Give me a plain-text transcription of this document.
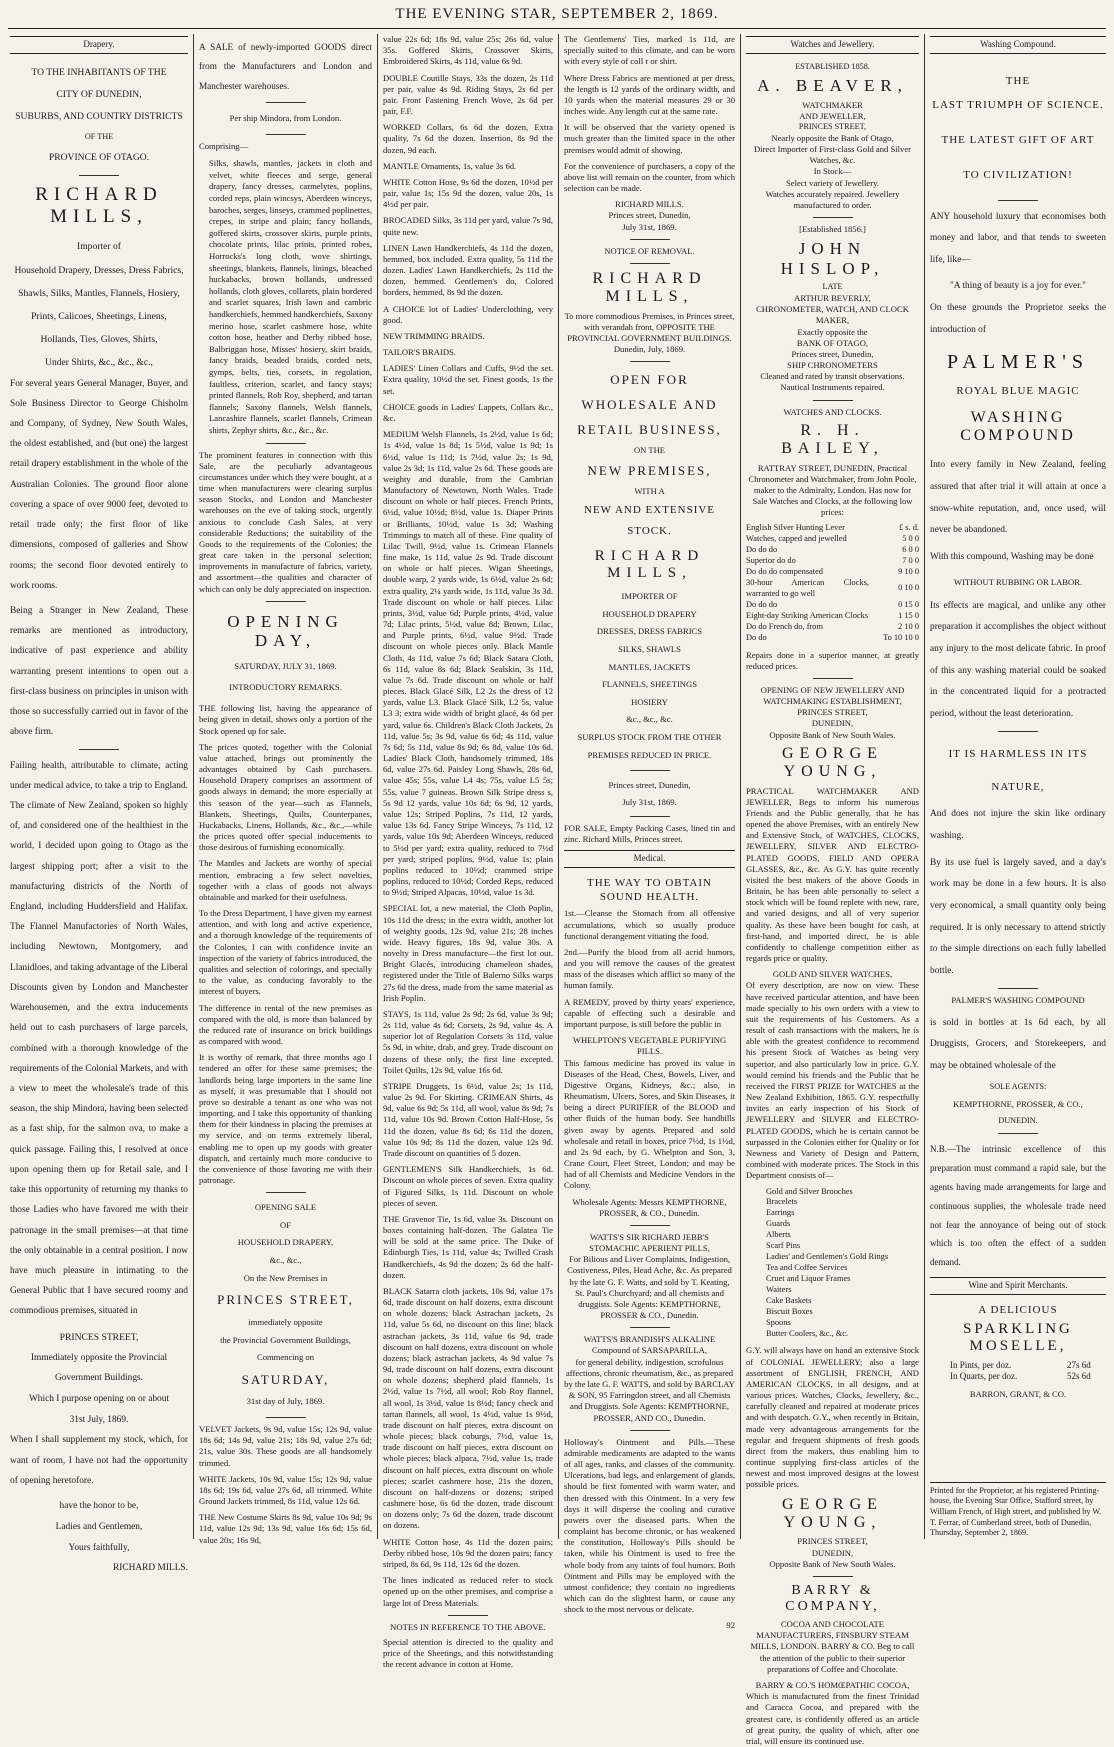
THE EVENING STAR, SEPTEMBER 2, 1869.
Drapery.
TO THE INHABITANTS OF THE
CITY OF DUNEDIN,
SUBURBS, AND COUNTRY DISTRICTS
OF THE
PROVINCE OF OTAGO.
RICHARD MILLS,
Importer of
Household Drapery, Dresses, Dress Fabrics,
Shawls, Silks, Mantles, Flannels, Hosiery,
Prints, Calicoes, Sheetings, Linens,
Hollands, Ties, Gloves, Shirts,
Under Shirts, &c., &c., &c.,

For several years General Manager, Buyer, and Sole Business Director to George Chisholm and Company, of Sydney, New South Wales, the oldest established, and (but one) the largest retail drapery establishment in the whole of the Australian Colonies. The ground floor alone covering a space of over 9000 feet, devoted to retail trade only; the first floor of like dimensions, composed of galleries and Show rooms; the second floor devoted entirely to work rooms.

Being a Stranger in New Zealand, These remarks are mentioned as introductory, indicative of past experience and ability warranting present intentions to open out a first-class business on principles in unison with those so successfully carried out in favor of the above firm.

Failing health, attributable to climate, acting under medical advice, to take a trip to England. The climate of New Zealand, spoken so highly of, and considered one of the healthiest in the world, I decided upon going to Otago as the largest shipping port; after a visit to the manufacturing districts of the North of England, including Huddersfield and Halifax. The Flannel Manufactories of North Wales, including Newtown, Montgomery, and Llanidloes, and taking advantage of the Liberal Discounts given by London and Manchester Warehousemen, and the extra inducements held out to cash purchasers of large parcels, combined with a thorough knowledge of the requirements of the Colonial Markets, and with a view to meet the wholesale's trade of this season, the ship Mindora, having been selected as a fast ship, for the salmon ova, to make a quick passage. Failing this, I resolved at once upon opening them up for Retail sale, and I take this opportunity of returning my thanks to those Ladies who have favored me with their patronage in the small premises—at that time the only obtainable in a central position. I now have much pleasure in intimating to the General Public that I have secured roomy and commodious premises, situated in

PRINCES STREET,
Immediately opposite the Provincial
Government Buildings.
Which I purpose opening on or about
31st July, 1869.

When I shall supplement my stock, which, for want of room, I have not had the opportunity of opening heretofore.

have the honor to be,
Ladies and Gentlemen,
Yours faithfully,
RICHARD MILLS.

A SALE of newly-imported GOODS direct from the Manufacturers and London and Manchester warehouses.

Per ship Mindora, from London.
Comprising—

Silks, shawls, mantles, jackets in cloth and velvet, white fleeces and serge, general drapery, fancy dresses, carmelytes, poplins, corded reps, plain wincsys, Aberdeen winceys, baroches, serges, linseys, crammed poplinettes, crepes, in stripe and plain; fancy hollands, goffered skirts, crossover skirts, purple prints, chocolate prints, lilac prints, printed robes, Horrocks's long cloth, wove shirtings, sheetings, blankets, flannels, linings, bleached huckabacks, brown hollands, undressed hollands, cloth gloves, collarets, plain bordered and scarlet squares, Irish lawn and cambric handkerchiefs, hemmed handkerchiefs, Saxony merino hose, scarlet cashmere hose, white cotton hose, heather and Derby ribbed hose, Balbriggan hose, Misses' hosiery, skirt braids, fancy braids, beaded braids, corded nets, gymps, belts, ties, corsets, in regulation, faultless, criterion, scarlet, and fancy stays; printed flannels, Rob Roy, shepherd, and tartan flannels; Saxony flannels, Welsh flannels, Lancashire flannels, scarlet flannels, Crimean shirts, Zephyr shirts, &c., &c., &c.

The prominent features in connection with this Sale, are the peculiarly advantageous circumstances under which they were bought, at a time when manufacturers were clearing surplus season Stocks, and London and Manchester warehouses on the eve of taking stock, urgently anxious to conclude Cash Sales, at very considerable Reductions; the suitability of the Goods to the requirements of the Colonies; the great care taken in the personal selection; improvements in manufacture of fabrics, variety, and assortment—the qualities and character of which can only be duly appreciated on inspection.

OPENING DAY,
SATURDAY, JULY 31, 1869.
INTRODUCTORY REMARKS.

THE following list, having the appearance of being given in detail, shows only a portion of the Stock opened up for sale.

The prices quoted, together with the Colonial value attached, brings out prominently the advantages obtained by Cash purchasers. Household Drapery comprises an assortment of goods always in demand; the more especially at this season of the year—such as Flannels, Blankets, Sheetings, Quilts, Counterpanes, Huckabacks, Linens, Hollands, &c., &c.,—while the prices quoted offer special inducements to those desirous of furnishing economically.

The Mantles and Jackets are worthy of special mention, embracing a few select novelties, together with a class of goods not always obtainable and marked for their usefulness.

To the Dress Department, I have given my earnest attention, and with long and active experience, and a thorough knowledge of the requirements of the Colonies, I can with confidence invite an inspection of the variety of fabrics introduced, the qualities and selection of colorings, and specially to the value, as conducing favorably to the interest of buyers.

The difference in rental of the new premises as compared with the old, is more than balanced by the reduced rate of insurance on brick buildings as compared with wood.

It is worthy of remark, that three months ago I tendered an offer for these same premises; the landlords being large importers in the same line as myself, it was presumable that I should not prove so desirable a tenant as one who was not importing, and I take this opportunity of thanking them for their kindness in placing the premises at my service, and on terms extremely liberal, enabling me to open up my goods with greater dispatch, and certainly much more conducive to the convenience of those favoring me with their patronage.

OPENING SALE
OF
HOUSEHOLD DRAPERY,
&c., &c.,
On the New Premises in
PRINCES STREET,
immediately opposite
the Provincial Government Buildings,
Commencing on
SATURDAY,
31st day of July, 1869.

VELVET Jackets, 9s 9d, value 15s; 12s 9d, value 18s 6d; 14s 9d, value 21s; 18s 9d, value 27s 6d; 21s, value 30s. These goods are all handsomely trimmed.

WHITE Jackets, 10s 9d, value 15s; 12s 9d, value 18s 6d; 19s 6d, value 27s 6d, all trimmed. White Ground Jackets trimmed, 8s 11d, value 12s 6d.

THE New Costume Skirts 8s 9d, value 10s 9d; 9s 11d, value 12s 9d; 13s 9d, value 16s 6d; 15s 6d, value 20s; 16s 9d,

value 22s 6d; 18s 9d, value 25s; 26s 6d, value 35s. Goffered Skirts, Crossover Skirts, Embroidered Skirts, 4s 11d, value 6s 9d.

DOUBLE Coutille Stays, 33s the dozen, 2s 11d per pair, value 4s 9d. Riding Stays, 2s 6d per pair. Front Fastening French Wove, 2s 6d per pair, F.F.

WORKED Collars, 6s 6d the dozen, Extra quality, 7s 6d the dozen. Insertion, 8s 9d the dozen, 9d each.

MANTLE Ornaments, 1s, value 3s 6d.

WHITE Cotton Hose, 9s 6d the dozen, 10½d per pair, value 1s; 15s 9d the dozen, value 20s, 1s 4½d per pair.

BROCADED Silks, 3s 11d per yard, value 7s 9d, quite new.

LINEN Lawn Handkerchiefs, 4s 11d the dozen, hemmed, box included. Extra quality, 5s 11d the dozen. Ladies' Lawn Handkerchiefs, 2s 11d the dozen, hemmed. Gentlemen's do, Colored borders, hemmed, 8s 9d the dozen.

A CHOICE lot of Ladies' Underclothing, very good.

NEW TRIMMING BRAIDS.

TAILOR'S BRAIDS.

LADIES' Linen Collars and Cuffs, 9½d the set. Extra quality, 10½d the set. Finest goods, 1s the set.

CHOICE goods in Ladies' Lappets, Collars &c., &c.

MEDIUM Welsh Flannels, 1s 2½d, value 1s 6d; 1s 4½d, value 1s 8d; 1s 5½d, value 1s 9d; 1s 6½d, value 1s 11d; 1s 7½d, value 2s; 1s 9d, value 2s 3d; 1s 11d, value 2s 6d. These goods are weighty and durable, from the Cambrian Manufactory of Newtown, North Wales. Trade discount on whole or half pieces. French Prints, 6½d, value 10½d; 8½d, value 1s. Diaper Prints or Brilliants, 10½d, value 1s 3d; Washing Trimmings to match all of these. Fine quality of Lilac Twill, 9½d, value 1s. Crimean Flannels fine make, 1s 11d, value 2s 9d. Trade discount on whole or half pieces. Wigan Sheetings, double warp, 2 yards wide, 1s 6½d, value 2s 6d; extra quality, 2¼ yards wide, 1s 11d, value 3s 3d. Trade discount on whole or half pieces. Lilac prints, 3½d, value 6d; Purple prints, 4½d, value 7d; Lilac prints, 5½d, value 8d; Brown, Lilac, and Purple prints, 6½d, value 9½d. Trade discount on whole pieces only. Black Mantle Cloth, 4s 11d, value 7s 6d; Black Satara Cloth, 6s 11d, value 8s 6d; Black Sealskin, 3s 11d, value 7s 6d. Trade discount on whole or half pieces. Black Glacé Silk, L2 2s the dress of 12 yards, value L3. Black Glacé Silk, L2 5s, value L3 3; extra wide width of bright glacé, 4s 6d per yard, value 6s. Children's Black Cloth Jackets, 2s 11d, value 5s; 3s 9d, value 6s 6d; 4s 11d, value 7s 6d; 5s 11d, value 8s 9d; 6s 8d, value 10s 6d. Ladies' Black Cloth, handsomely trimmed, 18s 6d, value 27s 6d. Paisley Long Shawls, 28s 6d, value 45s; 55s, value L4 4s; 75s, value L5 5s; 55s, value 7 guineas. Brown Silk Stripe dress s, 5s 9d 12 yards, value 10s 6d; 6s 9d, 12 yards, value 12s; Striped Poplins, 7s 11d, 12 yards, value 13s 6d. Fancy Stripe Winceys, 7s 11d, 12 yards, value 10s 9d; Aberdeen Winceys, reduced to 5½d per yard; extra quality, reduced to 7½d per yard; striped poplins, 9½d, value 1s; plain poplins reduced to 10½d; crammed stripe poplins, reduced to 10½d; Corded Reps, reduced to 9½d; Striped Alpacas, 10½d, value 1s 3d.

SPECIAL lot, a new material, the Cloth Poplin, 10s 11d the dress; in the extra width, another lot of weighty goods, 12s 9d, value 21s; 28 inches wide. Heavy figures, 18s 9d, value 30s. A novelty in Dress manufacture—the first lot out. Bright Glacés, introducing chameleon shades, registered under the Title of Balerno Silks warps 27s 6d the dress, made from the same material as Irish Poplin.

STAYS, 1s 11d, value 2s 9d; 2s 6d, value 3s 9d; 2s 11d, value 4s 6d; Corsets, 2s 9d, value 4s. A superior lot of Regulation Corsets 3s 11d, value 5s 9d, in white, drab, and grey. Trade discount on dozens of these only, the first line excepted. Toilet Quilts, 12s 9d, value 16s 6d.

STRIPE Druggets, 1s 6½d, value 2s; 1s 11d, value 2s 9d. For Skirting. CRIMEAN Shirts, 4s 9d, value 6s 9d; 5s 11d, all wool, value 8s 9d; 7s 11d, value 10s 9d. Brown Cotton Half-Hose, 5s 11d the dozen, value 8s 6d; 6s 11d the dozen, value 10s 9d; 8s 11d the dozen, value 12s 9d. Trade discount on quantities of 5 dozen.

GENTLEMEN'S Silk Handkerchiefs, 1s 6d. Discount on whole pieces of seven. Extra quality of Figured Silks, 1s 11d. Discount on whole pieces of seven.

THE Gravenor Tie, 1s 6d, value 3s. Discount on boxes containing half-dozen. The Galatea Tie will be sold at the same price. The Duke of Edinburgh Ties, 1s 11d, value 4s; Twilled Crash Handkerchiefs, 4s 9d the dozen; 2s 6d the half-dozen.

BLACK Satarra cloth jackets, 10s 9d, value 17s 6d, trade discount on half dozens, extra discount on whole dozens; black Astrachan jackets, 2s 11d, value 5s 6d, no discount on this line; black astrachan jackets, 3s 11d, value 6s 9d, trade discount on half dozens, extra discount on whole dozens; black astrachan jackets, 4s 9d value 7s 9d, trade discount on half dozens, extra discount on whole dozens; shepherd plaid flannels, 1s 2½d, value 1s 7½d, all wool; Rob Roy flannel, all wool, 1s 3½d, value 1s 8½d; fancy check and tartan flannels, all wool, 1s 4½d, value 1s 9½d, trade discount on half pieces, extra discount on whole pieces; black coburgs, 7½d, value 1s, trade discount on half pieces, extra discount on whole pieces; black alpaca, 7½d, value 1s, trade discount on half pieces, extra discount on whole pieces; scarlet cashmere hose, 21s the dozen, discount on half-dozens or dozens; striped cashmere hose, 6s 6d the dozen, trade discount on dozens only; 7s 6d the dozen, trade discount on dozens.

WHITE Cotton hose, 4s 11d the dozen pairs; Derby ribbed hose, 10s 9d the dozen pairs; fancy striped, 8s 6d, 9s 11d, 12s 6d the dozen.

The lines indicated as reduced refer to stock opened up on the other premises, and comprise a large lot of Dress Materials.

NOTES IN REFERENCE TO THE ABOVE.

Special attention is directed to the quality and price of the Sheetings, and this notwithstanding the recent advance in cotton at Home.

The Gentlemens' Ties, marked 1s 11d, are specially suited to this climate, and can be worn with every style of coll r or shirt.

Where Dress Fabrics are mentioned at per dress, the length is 12 yards of the ordinary width, and 10 yards when the material measures 29 or 30 inches wide. Any length cut at the same rate.

It will be observed that the variety opened is much greater than the limited space in the other premises would admit of showing.

For the convenience of purchasers, a copy of the above list will remain on the counter, from which selection can be made.

RICHARD MILLS.
Princes street, Dunedin,
July 31st, 1869.
NOTICE OF REMOVAL.
RICHARD MILLS,

To more commodious Premises, in Princes street, with verandah front, OPPOSITE THE PROVINCIAL GOVERNMENT BUILDINGS. Dunedin, July, 1869.

OPEN FOR WHOLESALE AND
RETAIL BUSINESS,
ON THE
NEW PREMISES,
WITH A
NEW AND EXTENSIVE STOCK.
RICHARD MILLS,
IMPORTER OF
HOUSEHOLD DRAPERY
DRESSES, DRESS FABRICS
SILKS, SHAWLS
MANTLES, JACKETS
FLANNELS, SHEETINGS
HOSIERY
&c., &c., &c.
SURPLUS STOCK FROM THE OTHER
PREMISES REDUCED IN PRICE.
Princes street, Dunedin,
July 31st, 1869.

FOR SALE, Empty Packing Cases, lined tin and zinc. Richard Mills, Princes street.

Medical.
THE WAY TO OBTAIN SOUND HEALTH.

1st.—Cleanse the Stomach from all offensive accumulations, which so usually produce functional derangement vitiating the food.

2nd.—Purify the blood from all acrid humors, and you will remove the causes of the greatest mass of the diseases which afflict so many of the human family.

A REMEDY, proved by thirty years' experience, capable of effecting such a desirable and important purpose, is still before the public in

WHELPTON'S VEGETABLE PURIFYING PILLS.

This famous medicine has proved its value in Diseases of the Head, Chest, Bowels, Liver, and Digestive Organs, Kidneys, &c.; also, in Rheumatism, Ulcers, Sores, and Skin Diseases, it being a direct PURIFIER of the BLOOD and other fluids of the human body. See handbills given away by agents. Prepared and sold wholesale and retail in boxes, price 7½d, 1s 1½d, and 2s 9d each, by G. Whelpton and Son, 3, Crane Court, Fleet Street, London; and may be had of all Chemists and Medicine Vendors in the Colony.

Wholesale Agents: Messrs KEMPTHORNE, PROSSER, & CO., Dunedin.

WATTS'S SIR RICHARD JEBB'S STOMACHIC APERIENT PILLS,

For Bilious and Liver Complaints, Indigestion, Costiveness, Piles, Head Ache, &c. As prepared by the late G. F. Watts, and sold by T. Keating, St. Paul's Churchyard; and all chemists and druggists. Sole Agents: KEMPTHORNE, PROSSER & CO., Dunedin.

WATTS'S BRANDISH'S ALKALINE Compound of SARSAPARILLA,

for general debility, indigestion, scrofulous affections, chronic rheumatism, &c., as prepared by the late G. F. WATTS, and sold by BARCLAY & SON, 95 Farringdon street, and all Chemists and Druggists. Sole Agents: KEMPTHORNE, PROSSER, AND CO., Dunedin.

Holloway's Ointment and Pills.—These admirable medicaments are adapted to the wants of all ages, ranks, and classes of the community. Ulcerations, bad legs, and enlargement of glands, should be first fomented with warm water, and then dressed with this Ointment. In a very few days it will disperse the cooling and curative powers over the diseased parts. When the complaint has become chronic, or has weakened the constitution, Holloway's Pills should be taken, while his Ointment is used to free the whole body from any taints of foul humors. Both Ointment and Pills may be employed with the utmost confidence; they contain no ingredients which can do the slightest harm, or cause any shock to the most nervous or delicate.

92
Watches and Jewellery.
ESTABLISHED 1858.
A. BEAVER,
WATCHMAKER
AND JEWELLER,
PRINCES STREET,
Nearly opposite the Bank of Otago,
Direct Importer of First-class Gold and Silver Watches, &c.
In Stock—
Select variety of Jewellery.
Watches accurately repaired. Jewellery manufactured to order.
[Established 1856.]
JOHN HISLOP,
LATE
ARTHUR BEVERLY,
CHRONOMETER, WATCH, AND CLOCK MAKER,
Exactly opposite the
BANK OF OTAGO,
Princes street, Dunedin,
SHIP CHRONOMETERS
Cleaned and rated by transit observations.
Nautical Instruments repaired.
WATCHES AND CLOCKS.
R. H. BAILEY,

RATTRAY STREET, DUNEDIN, Practical Chronometer and Watchmaker, from John Poole, maker to the Admiralty, London. Has now for Sale Watches and Clocks, at the following low prices:

English Silver Hunting Lever	£ s. d.
Watches, capped and jewelled	5 0 0
Do do do	6 0 0
Superior do do	7 0 0
Do do do compensated	9 10 0
30-hour American Clocks, warranted to go well	0 10 0
Do do do	0 15 0
Eight-day Striking American Clocks	1 15 0
Do do French do, from	2 10 0
Do do	To 10 10 0

Repairs done in a superior manner, at greatly reduced prices.

OPENING OF NEW JEWELLERY AND WATCHMAKING ESTABLISHMENT,
PRINCES STREET,
DUNEDIN,
Opposite Bank of New South Wales.
GEORGE YOUNG,

PRACTICAL WATCHMAKER AND JEWELLER, Begs to inform his numerous Friends and the Public generally, that he has opened the above Premises, with an entirely New and Extensive Stock, of WATCHES, CLOCKS, JEWELLERY, SILVER AND ELECTRO-PLATED GOODS, FIELD AND OPERA GLASSES, &c., &c. As G.Y. has quite recently visited the best makers of the above Goods in Britain, he has been able personally to select a stock which will be found replete with new, rare, and varied designs, and all of very superior quality. As these have been bought for cash, at first-hand, and imported direct, he is able confidently to challenge competition either as regards price or quality.

GOLD AND SILVER WATCHES,

Of every description, are now on view. These have received particular attention, and have been made specially to his own orders with a view to suit the requirements of his Customers. As a result of cash transactions with the makers, he is able with the greatest confidence to recommend his present Stock of Watches as being very superior, and also particularly low in price. G.Y. would remind his friends and the Public that he received the FIRST PRIZE for WATCHES at the New Zealand Exhibition, 1865. G.Y. respectfully invites an early inspection of his Stock of JEWELLERY and SILVER and ELECTRO-PLATED GOODS, which he is certain cannot be surpassed in the Colonies either for Quality or for Newness and Variety of Design and Pattern, combined with moderate prices. The Stock in this Department consists of—

Gold and Silver Brooches
Bracelets
Earrings
Guards
Alberts
Scarf Pins
Ladies' and Gentlemen's Gold Rings
Tea and Coffee Services
Cruet and Liquor Frames
Waiters
Cake Baskets
Biscuit Boxes
Spoons
Butter Coolers, &c., &c.

G.Y. will always have on hand an extensive Stock of COLONIAL JEWELLERY; also a large assortment of ENGLISH, FRENCH, AND AMERICAN CLOCKS, in all designs, and at various prices. Watches, Clocks, Jewellery, &c., carefully cleaned and repaired at moderate prices and with despatch. G.Y., when recently in Britain, made very advantageous arrangements for the regular and frequent shipments of fresh goods direct from the makers, thus enabling him to continue supplying first-class articles of the newest and most improved designs at the lowest possible prices.

GEORGE YOUNG,
PRINCES STREET,
DUNEDIN,
Opposite Bank of New South Wales.
BARRY & COMPANY,

COCOA AND CHOCOLATE MANUFACTURERS, FINSBURY STEAM MILLS, LONDON. BARRY & CO. Beg to call the attention of the public to their superior preparations of Coffee and Chocolate.

BARRY & CO.'S HOMŒPATHIC COCOA,

Which is manufactured from the finest Trinidad and Caracca Cocoa, and prepared with the greatest care, is confidently offered as an article of great purity, the quality of which, after one trial, will ensure its continued use.

Washing Compound.
THE
LAST TRIUMPH OF SCIENCE.
THE LATEST GIFT OF ART
TO CIVILIZATION!

ANY household luxury that economises both money and labor, and that tends to sweeten life, like—

"A thing of beauty is a joy for ever."

On these grounds the Proprietor seeks the introduction of

PALMER'S
ROYAL BLUE MAGIC
WASHING COMPOUND

Into every family in New Zealand, feeling assured that after trial it will attain at once a snow-white reputation, and, once used, will never be abandoned.

With this compound, Washing may be done

WITHOUT RUBBING OR LABOR.

Its effects are magical, and unlike any other preparation it accomplishes the object without any injury to the most delicate fabric. In proof of this any washing material could be soaked in the concentrated liquid for a protracted period, without the least deterioration.

IT IS HARMLESS IN ITS
NATURE,

And does not injure the skin like ordinary washing.

By its use fuel is largely saved, and a day's work may be done in a few hours. It is also very economical, a small quantity only being required. It is only necessary to attend strictly to the simple directions on each fully labelled bottle.

PALMER'S WASHING COMPOUND

is sold in bottles at 1s 6d each, by all Druggists, Grocers, and Storekeepers, and may be obtained wholesale of the

SOLE AGENTS:
KEMPTHORNE, PROSSER, & CO.,
DUNEDIN.

N.B.—The intrinsic excellence of this preparation must command a rapid sale, but the agents having made arrangements for large and continuous supplies, the wholesale trade need not fear the annoyance of being out of stock which is too often the effect of a sudden demand.

Wine and Spirit Merchants.
A DELICIOUS
SPARKLING MOSELLE,
In Pints, per doz.	27s 6d
In Quarts, per doz.	52s 6d
BARRON, GRANT, & CO.
Printed for the Proprietor, at his registered Printing-house, the Evening Star Office, Stafford street, by William French, of High street, and published by W. T. Ferrar, of Cumberland street, both of Dunedin, Thursday, September 2, 1869.
